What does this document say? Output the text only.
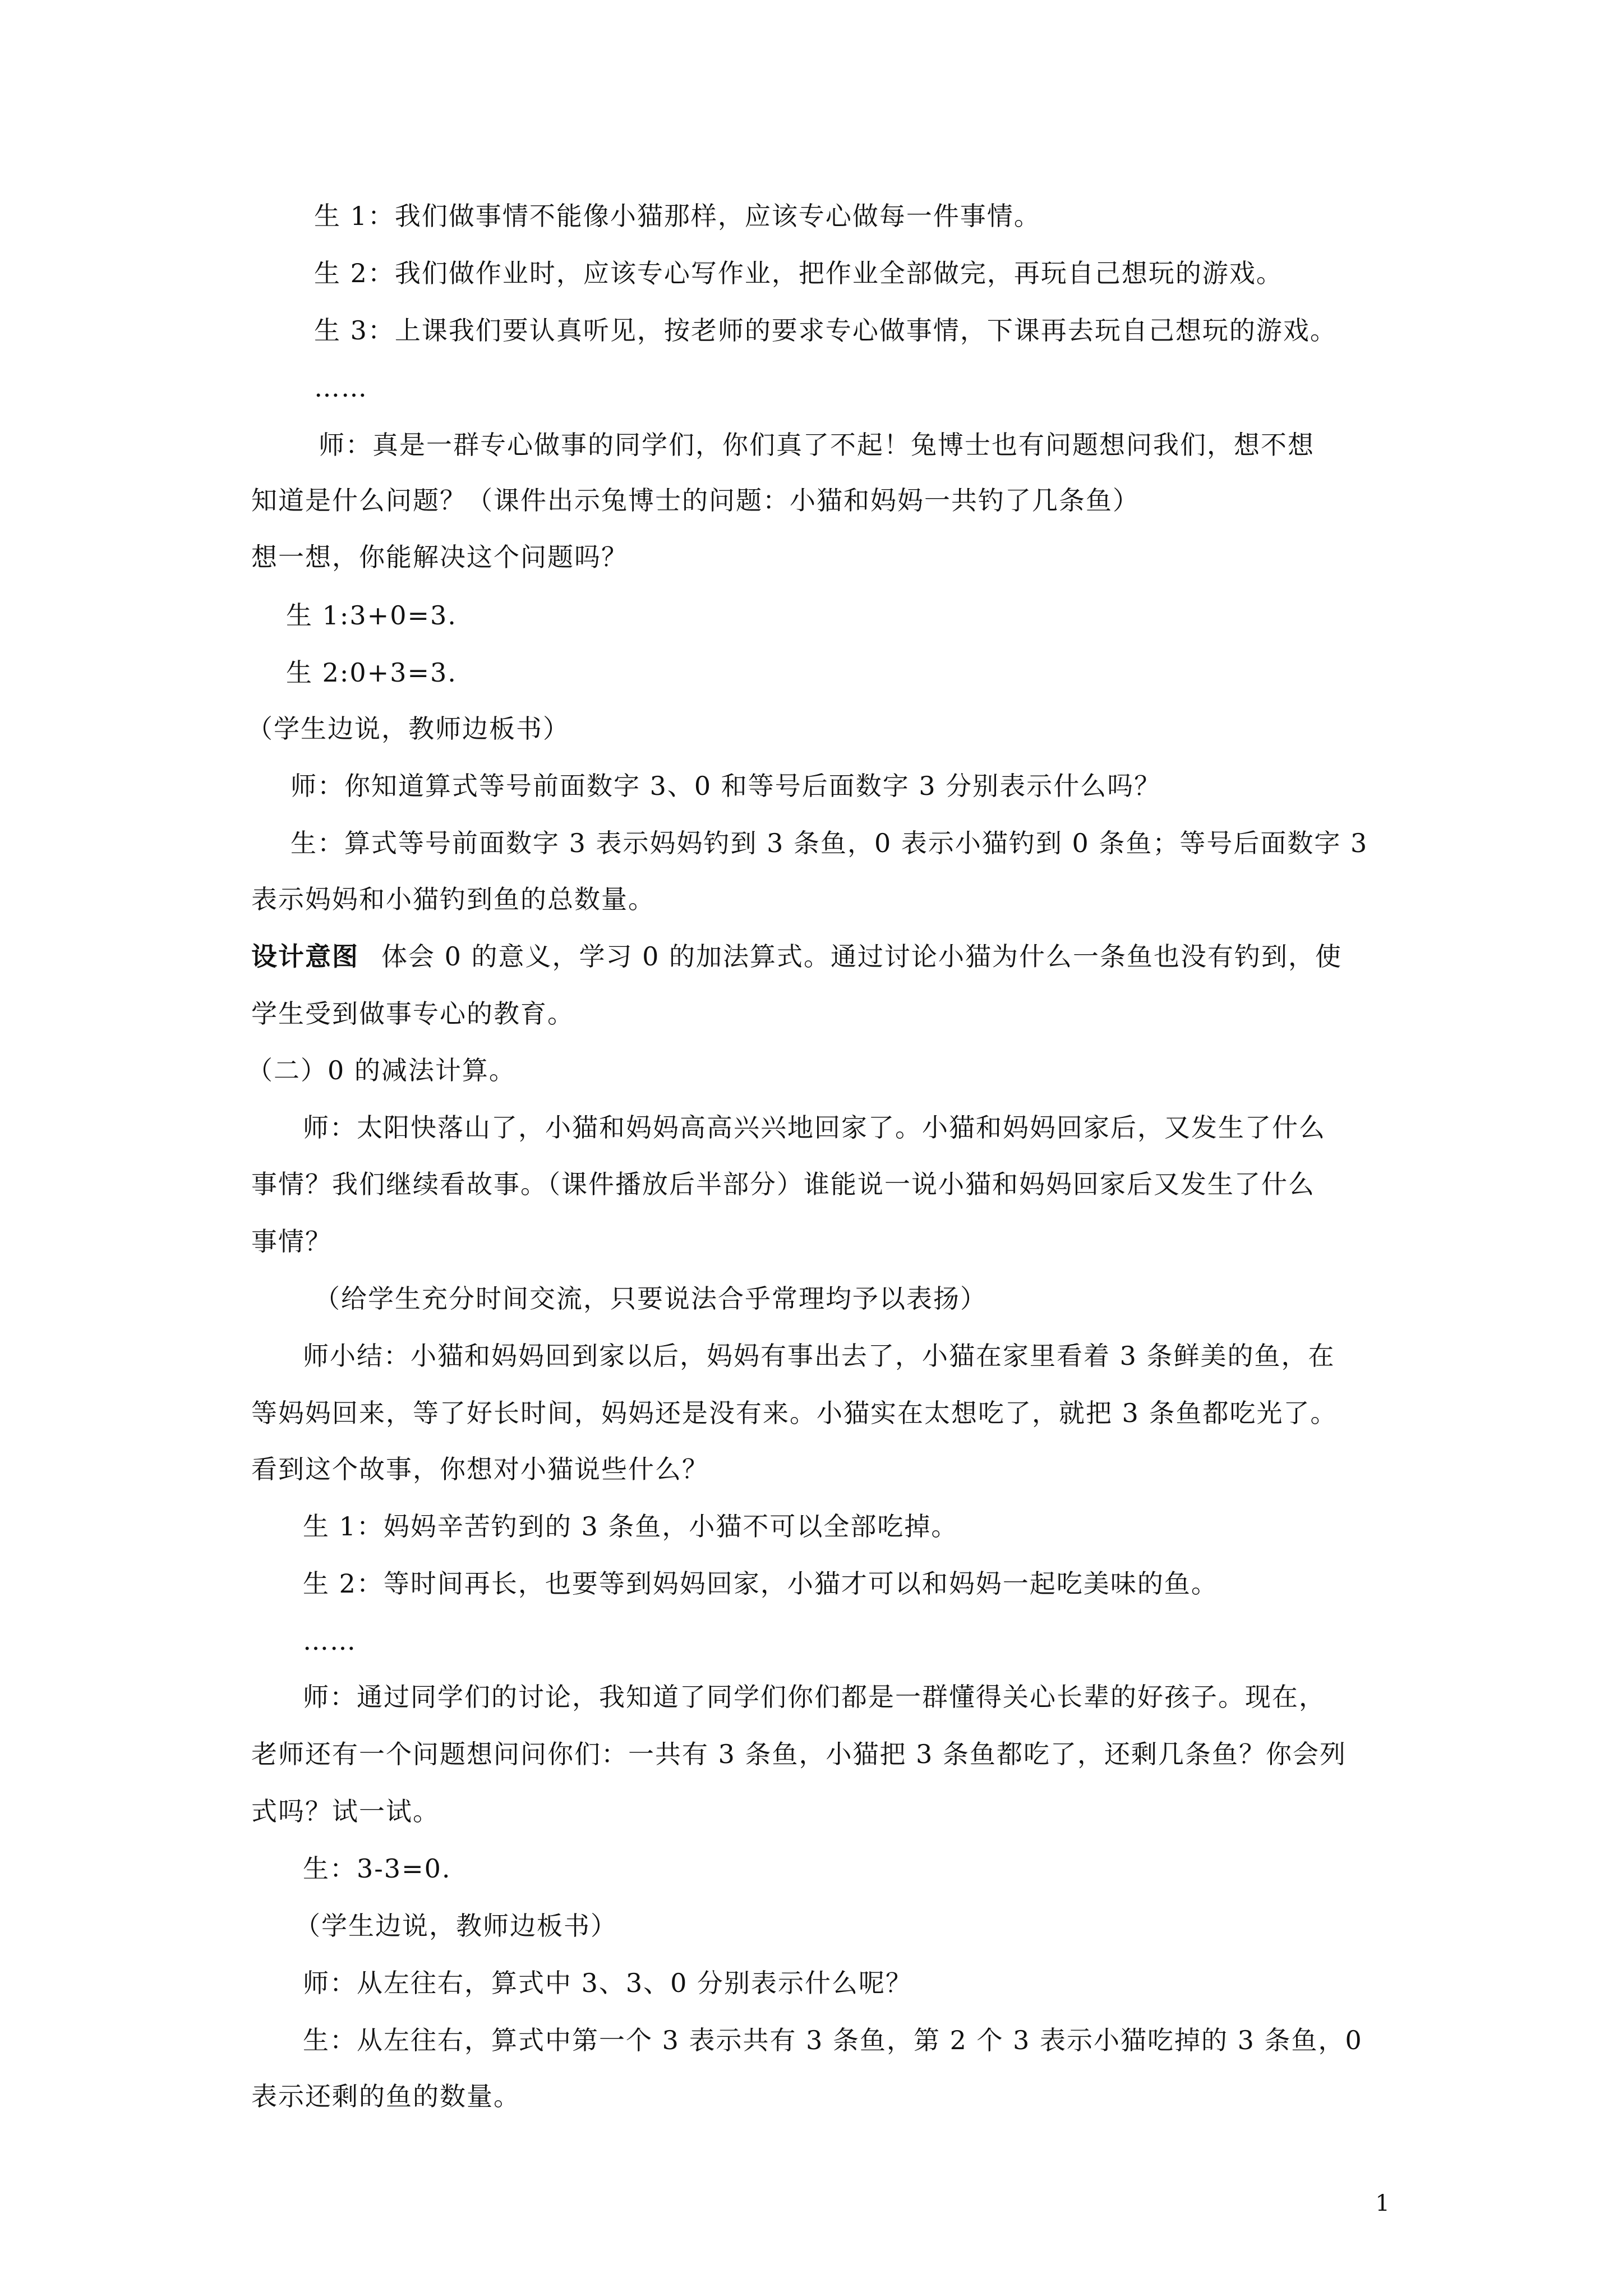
生 1：我们做事情不能像小猫那样，应该专心做每一件事情。
生 2：我们做作业时，应该专心写作业，把作业全部做完，再玩自己想玩的游戏。
生 3：上课我们要认真听见，按老师的要求专心做事情，下课再去玩自己想玩的游戏。
……
师：真是一群专心做事的同学们，你们真了不起！兔博士也有问题想问我们，想不想
知道是什么问题？（课件出示兔博士的问题：小猫和妈妈一共钓了几条鱼）
想一想，你能解决这个问题吗？
生 1:3+0=3.
生 2:0+3=3.
（学生边说，教师边板书）
师：你知道算式等号前面数字 3、0 和等号后面数字 3 分别表示什么吗？
生：算式等号前面数字 3 表示妈妈钓到 3 条鱼，0 表示小猫钓到 0 条鱼；等号后面数字 3
表示妈妈和小猫钓到鱼的总数量。
设计意图 体会 0 的意义，学习 0 的加法算式。通过讨论小猫为什么一条鱼也没有钓到，使
学生受到做事专心的教育。
（二）0 的减法计算。
师：太阳快落山了，小猫和妈妈高高兴兴地回家了。小猫和妈妈回家后，又发生了什么
事情？我们继续看故事。（课件播放后半部分）谁能说一说小猫和妈妈回家后又发生了什么
事情？
（给学生充分时间交流，只要说法合乎常理均予以表扬）
师小结：小猫和妈妈回到家以后，妈妈有事出去了，小猫在家里看着 3 条鲜美的鱼，在
等妈妈回来，等了好长时间，妈妈还是没有来。小猫实在太想吃了，就把 3 条鱼都吃光了。
看到这个故事，你想对小猫说些什么？
生 1：妈妈辛苦钓到的 3 条鱼，小猫不可以全部吃掉。
生 2：等时间再长，也要等到妈妈回家，小猫才可以和妈妈一起吃美味的鱼。
……
师：通过同学们的讨论，我知道了同学们你们都是一群懂得关心长辈的好孩子。现在，
老师还有一个问题想问问你们：一共有 3 条鱼，小猫把 3 条鱼都吃了，还剩几条鱼？你会列
式吗？试一试。
生：3-3=0.
（学生边说，教师边板书）
师：从左往右，算式中 3、3、0 分别表示什么呢？
生：从左往右，算式中第一个 3 表示共有 3 条鱼，第 2 个 3 表示小猫吃掉的 3 条鱼，0
表示还剩的鱼的数量。
1
